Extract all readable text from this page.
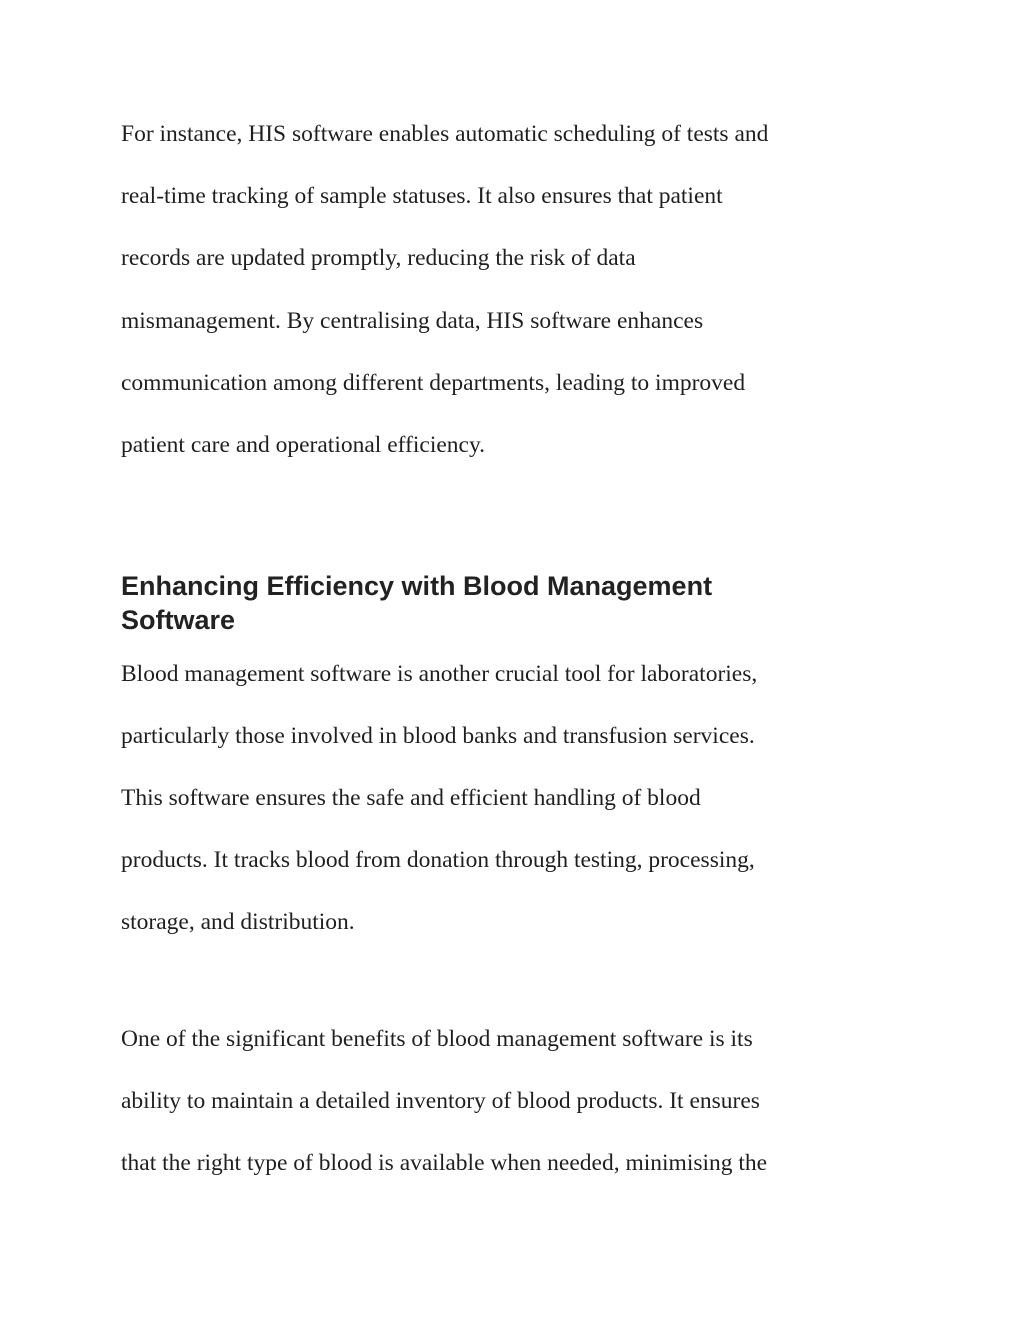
For instance, HIS software enables automatic scheduling of tests and

real-time tracking of sample statuses. It also ensures that patient

records are updated promptly, reducing the risk of data

mismanagement. By centralising data, HIS software enhances

communication among different departments, leading to improved

patient care and operational efficiency.

Enhancing Efficiency with Blood Management
Software

Blood management software is another crucial tool for laboratories,

particularly those involved in blood banks and transfusion services.

This software ensures the safe and efficient handling of blood

products. It tracks blood from donation through testing, processing,

storage, and distribution.

One of the significant benefits of blood management software is its

ability to maintain a detailed inventory of blood products. It ensures

that the right type of blood is available when needed, minimising the
